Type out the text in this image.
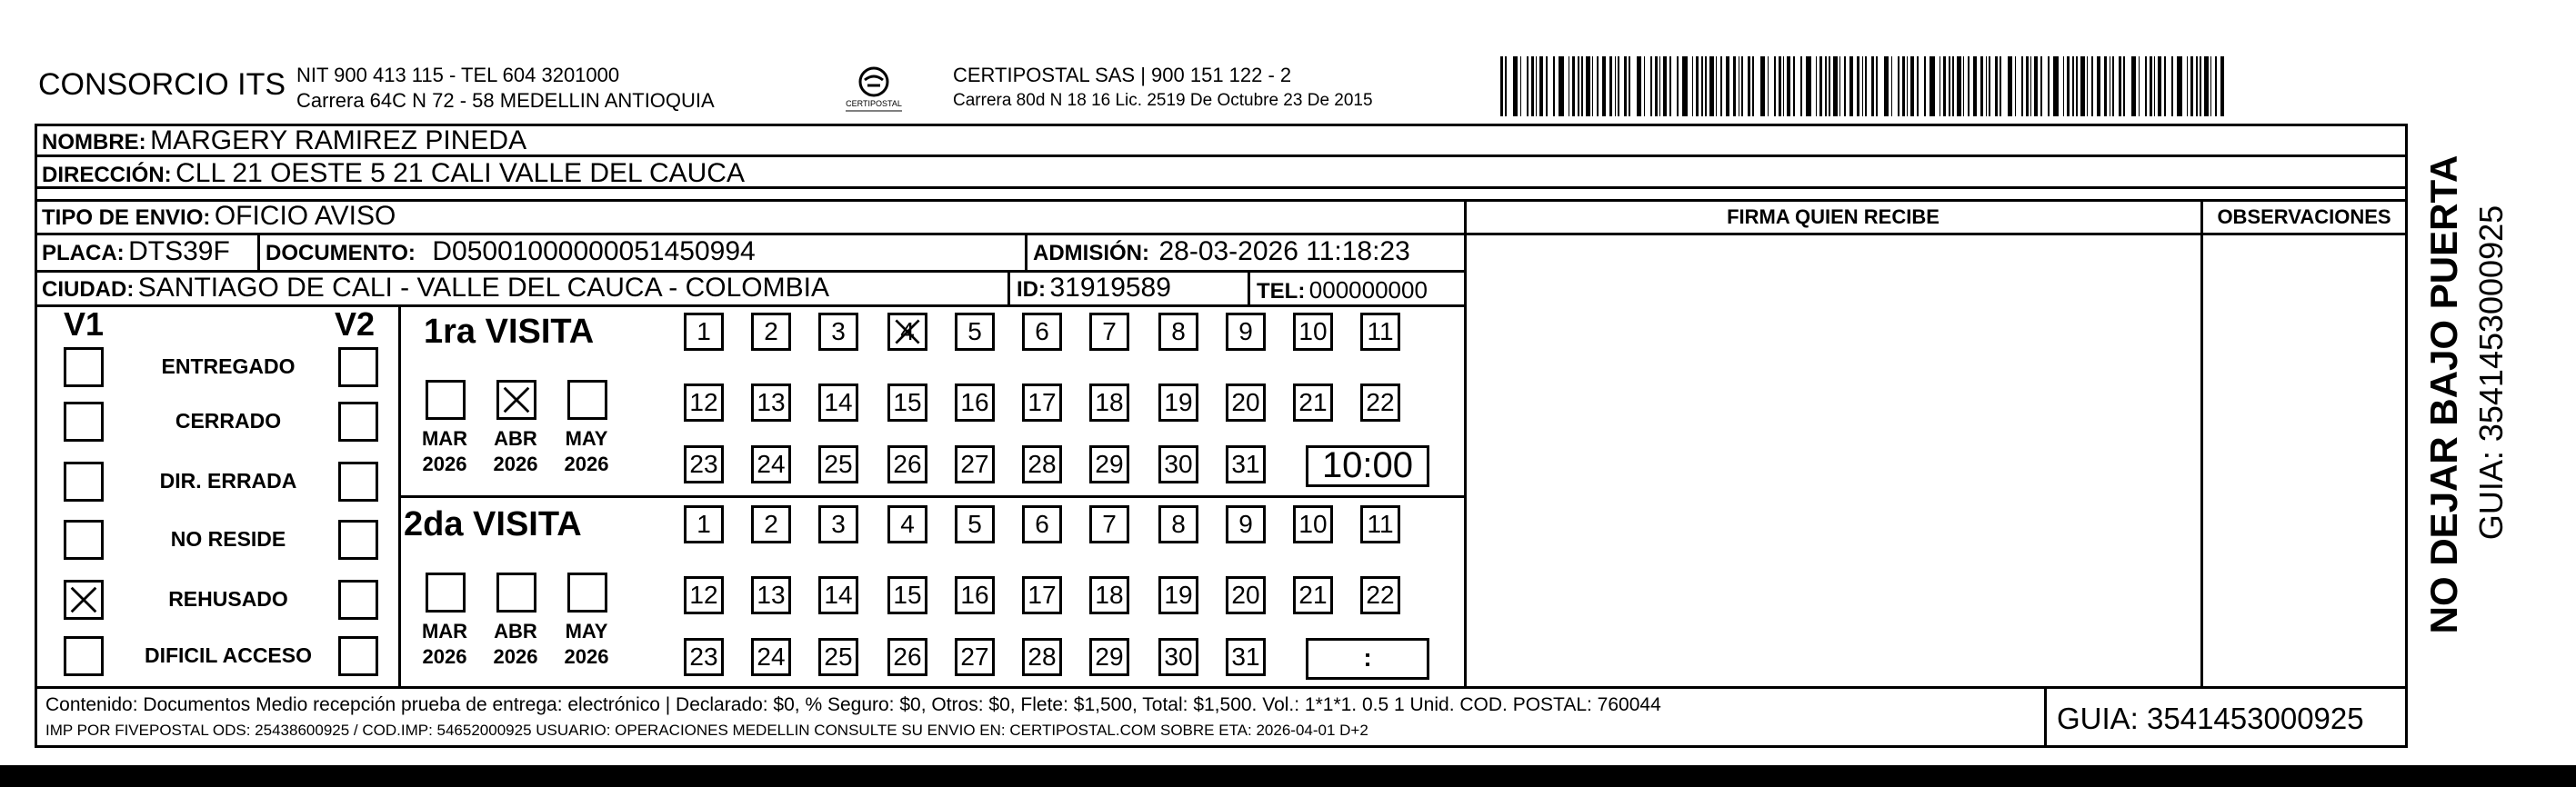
CONSORCIO ITS NIT 900 413 115 - TEL 604 3201000
Carrera 64C N 72 - 58 MEDELLIN ANTIOQUIA	CERTIPOSTAL
CERTIPOSTAL SAS | 900 151 122 - 2
Carrera 80d N 18 16 Lic. 2519 De Octubre 23 De 2015
NOMBRE: MARGERY RAMIREZ PINEDA
DIRECCIÓN: CLL 21 OESTE 5 21 CALI VALLE DEL CAUCA
TIPO DE ENVIO: OFICIO AVISO	FIRMA QUIEN RECIBE	OBSERVACIONES
PLACA: DTS39F DOCUMENTO: D05001000000051450994	ADMISIÓN: 28-03-2026 11:18:23
CIUDAD: SANTIAGO DE CALI - VALLE DEL CAUCA - COLOMBIA	ID: 31919589	TEL: 000000000
V1	V2
ENTREGADO
CERRADO
DIR. ERRADA
NO RESIDE
REHUSADO
DIFICIL ACCESO
1ra VISITA
2da VISITA
MAR
2026
ABR
2026
MAY
2026
1	2	3	4	5	6	7	8	9	10 11
12 13 14 15 16 17 18 19 20 21 22
23 24 25 26 27 28 29 30 31	10:00
MAR
2026
ABR
2026
MAY
2026
1	2	3	4	5	6	7	8	9	10 11
12 13 14 15 16 17 18 19 20 21 22
23 24 25 26 27 28 29 30 31	:
Contenido: Documentos Medio recepción prueba de entrega: electrónico | Declarado: $0, % Seguro: $0, Otros: $0, Flete: $1,500, Total: $1,500. Vol.: 1*1*1. 0.5 1 Unid. COD. POSTAL: 760044
IMP POR FIVEPOSTAL ODS: 25438600925 / COD.IMP: 54652000925 USUARIO: OPERACIONES MEDELLIN CONSULTE SU ENVIO EN: CERTIPOSTAL.COM SOBRE ETA: 2026-04-01 D+2	GUIA: 3541453000925
NO DEJAR BAJO PUERTA GUIA: 3541453000925
